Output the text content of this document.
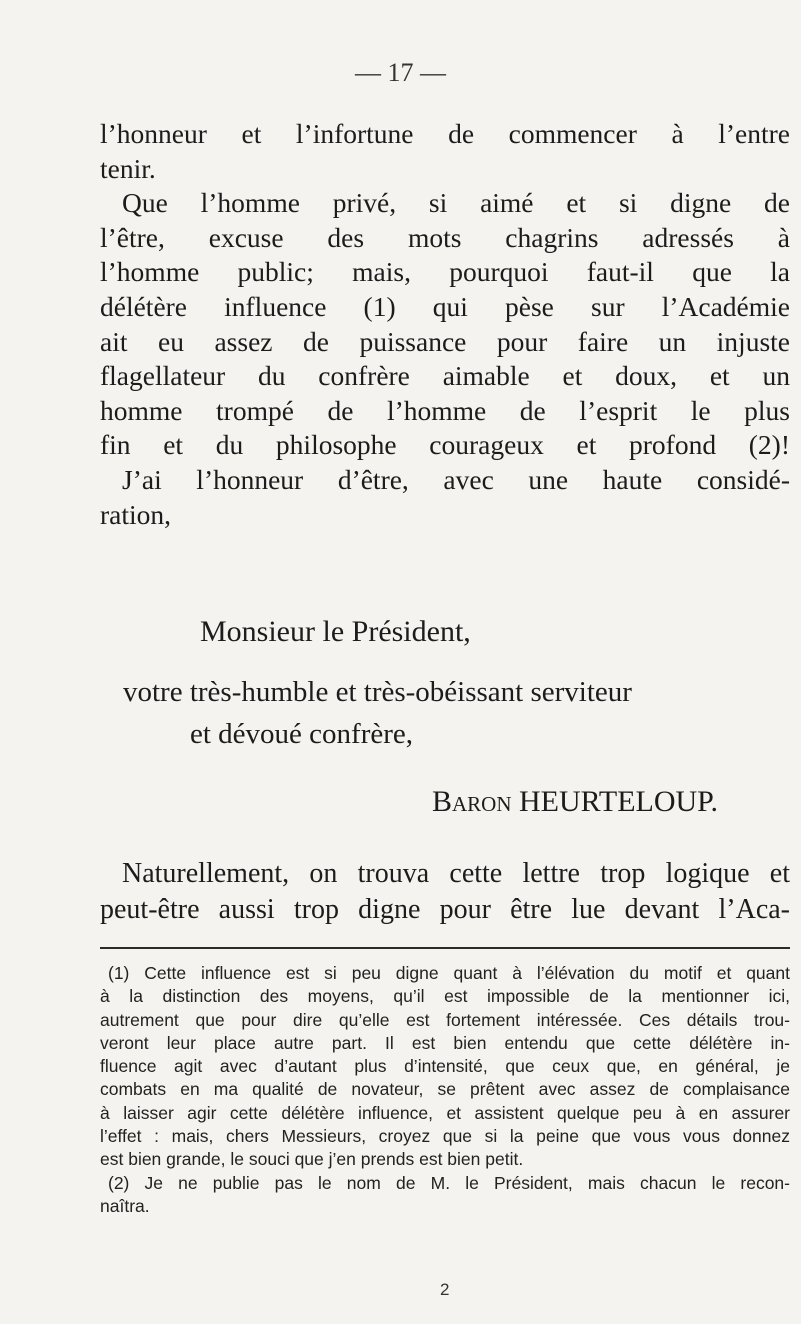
— 17 —
l’honneur et l’infortune de commencer à l’entre
tenir.
Que l’homme privé, si aimé et si digne de
l’être, excuse des mots chagrins adressés à
l’homme public; mais, pourquoi faut-il que la
délétère influence (1) qui pèse sur l’Académie
ait eu assez de puissance pour faire un injuste
flagellateur du confrère aimable et doux, et un
homme trompé de l’homme de l’esprit le plus
fin et du philosophe courageux et profond (2)!
J’ai l’honneur d’être, avec une haute considé-
ration,
Monsieur le Président,
votre très-humble et très-obéissant serviteur
et dévoué confrère,
Baron HEURTELOUP.
Naturellement, on trouva cette lettre trop logique et
peut-être aussi trop digne pour être lue devant l’Aca-
(1) Cette influence est si peu digne quant à l’élévation du motif et quant
à la distinction des moyens, qu’il est impossible de la mentionner ici,
autrement que pour dire qu’elle est fortement intéressée. Ces détails trou-
veront leur place autre part. Il est bien entendu que cette délétère in-
fluence agit avec d’autant plus d’intensité, que ceux que, en général, je
combats en ma qualité de novateur, se prêtent avec assez de complaisance
à laisser agir cette délétère influence, et assistent quelque peu à en assurer
l’effet : mais, chers Messieurs, croyez que si la peine que vous vous donnez
est bien grande, le souci que j’en prends est bien petit.
(2) Je ne publie pas le nom de M. le Président, mais chacun le recon-
naîtra.
2
